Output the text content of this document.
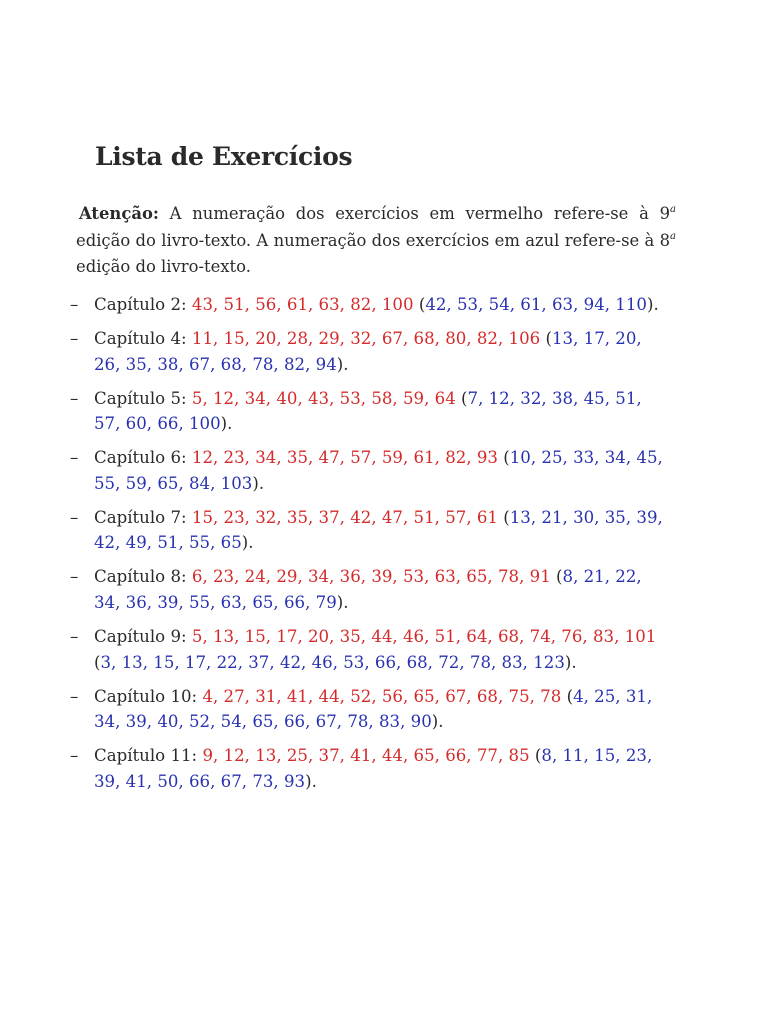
Lista de Exercícios

Atenção: A numeração dos exercícios em vermelho refere-se à 9$^a$ edição do livro-texto. A numeração dos exercícios em azul refere-se à 8$^a$ edição do livro-texto.

– Capítulo 2: 43, 51, 56, 61, 63, 82, 100 (42, 53, 54, 61, 63, 94, 110).
– Capítulo 4: 11, 15, 20, 28, 29, 32, 67, 68, 80, 82, 106 (13, 17, 20, 26, 35, 38, 67, 68, 78, 82, 94).
– Capítulo 5: 5, 12, 34, 40, 43, 53, 58, 59, 64 (7, 12, 32, 38, 45, 51, 57, 60, 66, 100).
– Capítulo 6: 12, 23, 34, 35, 47, 57, 59, 61, 82, 93 (10, 25, 33, 34, 45, 55, 59, 65, 84, 103).
– Capítulo 7: 15, 23, 32, 35, 37, 42, 47, 51, 57, 61 (13, 21, 30, 35, 39, 42, 49, 51, 55, 65).
– Capítulo 8: 6, 23, 24, 29, 34, 36, 39, 53, 63, 65, 78, 91 (8, 21, 22, 34, 36, 39, 55, 63, 65, 66, 79).
– Capítulo 9: 5, 13, 15, 17, 20, 35, 44, 46, 51, 64, 68, 74, 76, 83, 101 (3, 13, 15, 17, 22, 37, 42, 46, 53, 66, 68, 72, 78, 83, 123).
– Capítulo 10: 4, 27, 31, 41, 44, 52, 56, 65, 67, 68, 75, 78 (4, 25, 31, 34, 39, 40, 52, 54, 65, 66, 67, 78, 83, 90).
– Capítulo 11: 9, 12, 13, 25, 37, 41, 44, 65, 66, 77, 85 (8, 11, 15, 23, 39, 41, 50, 66, 67, 73, 93).
